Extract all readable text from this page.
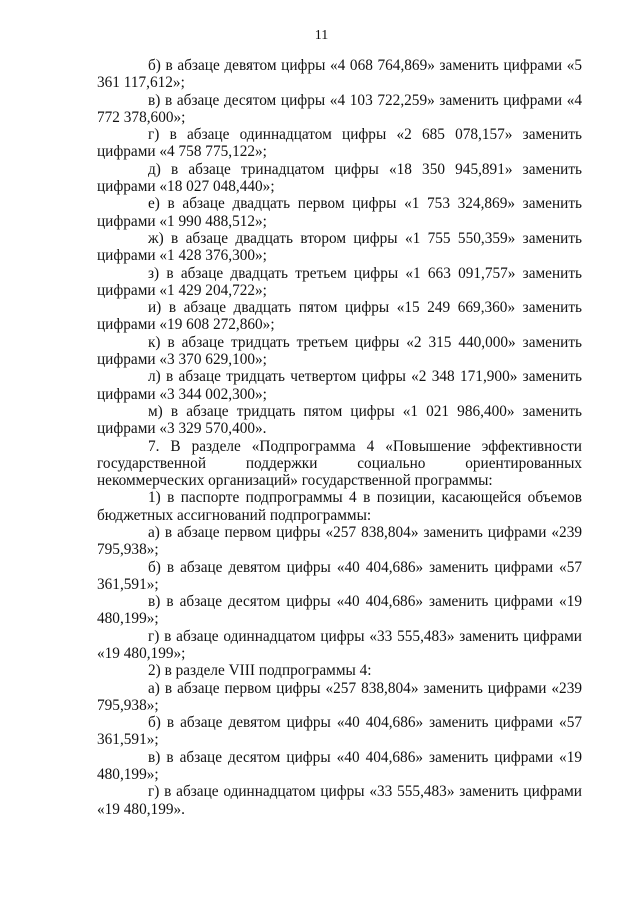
11

б) в абзаце девятом цифры «4 068 764,869» заменить цифрами «5 361 117,612»;

в) в абзаце десятом цифры «4 103 722,259» заменить цифрами «4 772 378,600»;

г) в абзаце одиннадцатом цифры «2 685 078,157» заменить цифрами «4 758 775,122»;

д) в абзаце тринадцатом цифры «18 350 945,891» заменить цифрами «18 027 048,440»;

е) в абзаце двадцать первом цифры «1 753 324,869» заменить цифрами «1 990 488,512»;

ж) в абзаце двадцать втором цифры «1 755 550,359» заменить цифрами «1 428 376,300»;

з) в абзаце двадцать третьем цифры «1 663 091,757» заменить цифрами «1 429 204,722»;

и) в абзаце двадцать пятом цифры «15 249 669,360» заменить цифрами «19 608 272,860»;

к) в абзаце тридцать третьем цифры «2 315 440,000» заменить цифрами «3 370 629,100»;

л) в абзаце тридцать четвертом цифры «2 348 171,900» заменить цифрами «3 344 002,300»;

м) в абзаце тридцать пятом цифры «1 021 986,400» заменить цифрами «3 329 570,400».

7. В разделе «Подпрограмма 4 «Повышение эффективности государственной поддержки социально ориентированных некоммерческих организаций» государственной программы:

1) в паспорте подпрограммы 4 в позиции, касающейся объемов бюджетных ассигнований подпрограммы:

а) в абзаце первом цифры «257 838,804» заменить цифрами «239 795,938»;

б) в абзаце девятом цифры «40 404,686» заменить цифрами «57 361,591»;

в) в абзаце десятом цифры «40 404,686» заменить цифрами «19 480,199»;

г) в абзаце одиннадцатом цифры «33 555,483» заменить цифрами «19 480,199»;

2) в разделе VIII подпрограммы 4:

а) в абзаце первом цифры «257 838,804» заменить цифрами «239 795,938»;

б) в абзаце девятом цифры «40 404,686» заменить цифрами «57 361,591»;

в) в абзаце десятом цифры «40 404,686» заменить цифрами «19 480,199»;

г) в абзаце одиннадцатом цифры «33 555,483» заменить цифрами «19 480,199».
